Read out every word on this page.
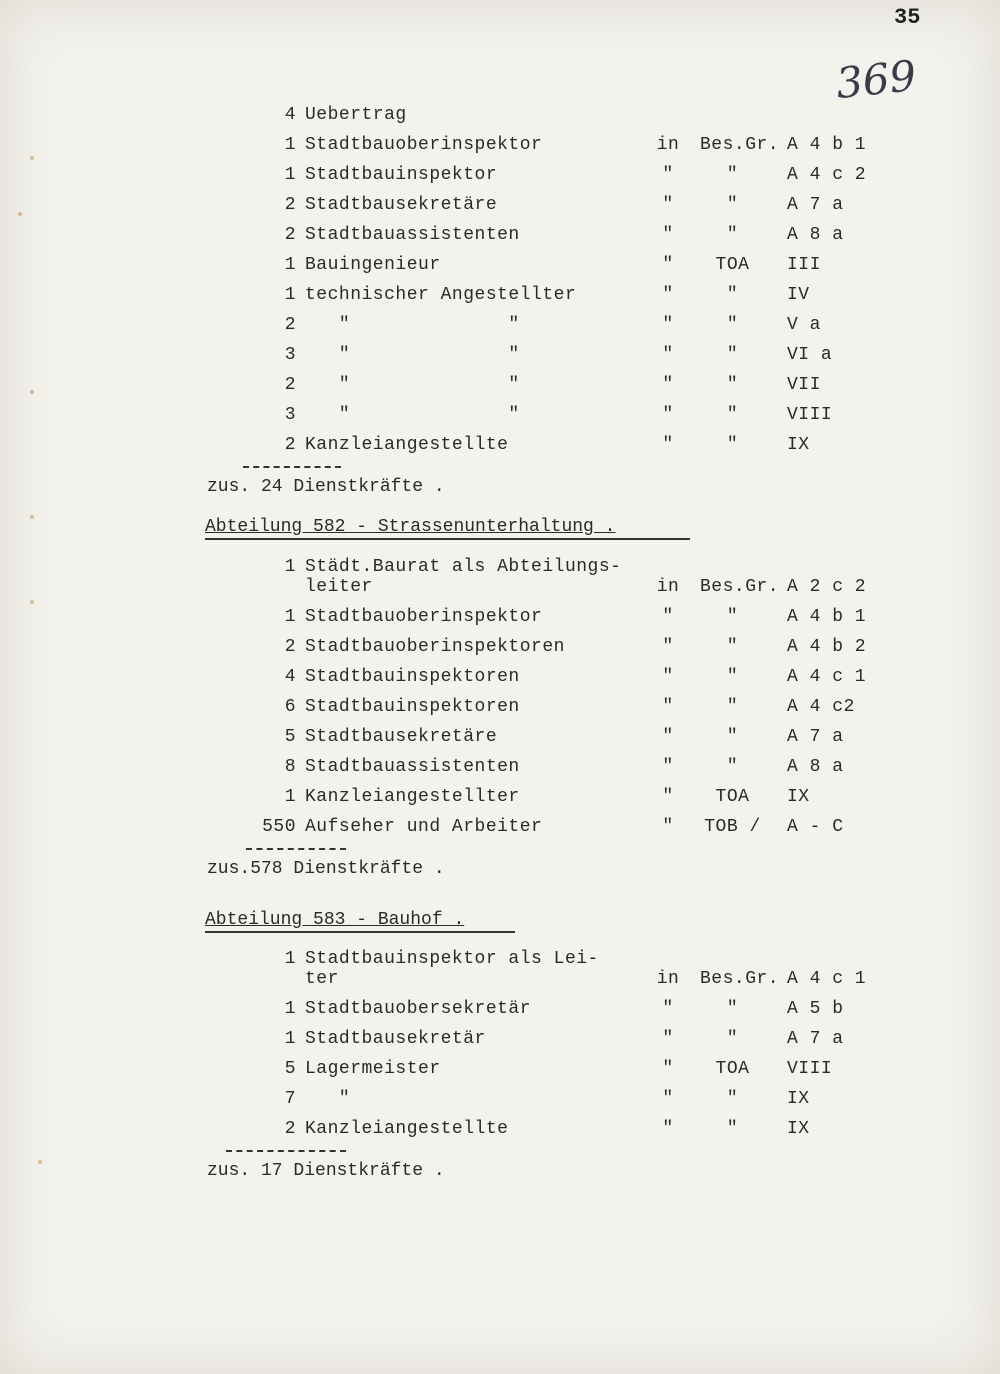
35
369
4 Uebertrag
1 Stadtbauoberinspektor	in	Bes.Gr. A 4 b 1
1 Stadtbauinspektor	"	"	A 4 c 2
2 Stadtbausekretäre	"	"	A 7 a
2 Stadtbauassistenten	"	"	A 8 a
1 Bauingenieur	"	TOA	III
1 technischer Angestellter	"	"	IV
2 "              "	"	"	V a
3 "              "	"	"	VI a
2 "              "	"	"	VII
3 "              "	"	"	VIII
2 Kanzleiangestellte	"	"	IX
zus. 24 Dienstkräfte .
Abteilung 582 - Strassenunterhaltung .
1 Städt.Baurat als Abteilungs-
leiter	in	Bes.Gr. A 2 c 2
1 Stadtbauoberinspektor	"	"	A 4 b 1
2 Stadtbauoberinspektoren	"	"	A 4 b 2
4 Stadtbauinspektoren	"	"	A 4 c 1
6 Stadtbauinspektoren	"	"	A 4 c2
5 Stadtbausekretäre	"	"	A 7 a
8 Stadtbauassistenten	"	"	A 8 a
1 Kanzleiangestellter	"	TOA	IX
550 Aufseher und Arbeiter	"	TOB / A - C
zus.578 Dienstkräfte .
Abteilung 583 - Bauhof .
1 Stadtbauinspektor als Lei-
ter	in	Bes.Gr. A 4 c 1
1 Stadtbauobersekretär	"	"	A 5 b
1 Stadtbausekretär	"	"	A 7 a
5 Lagermeister	"	TOA	VIII
7 "	"	"	IX
2 Kanzleiangestellte	"	"	IX
zus. 17 Dienstkräfte .
